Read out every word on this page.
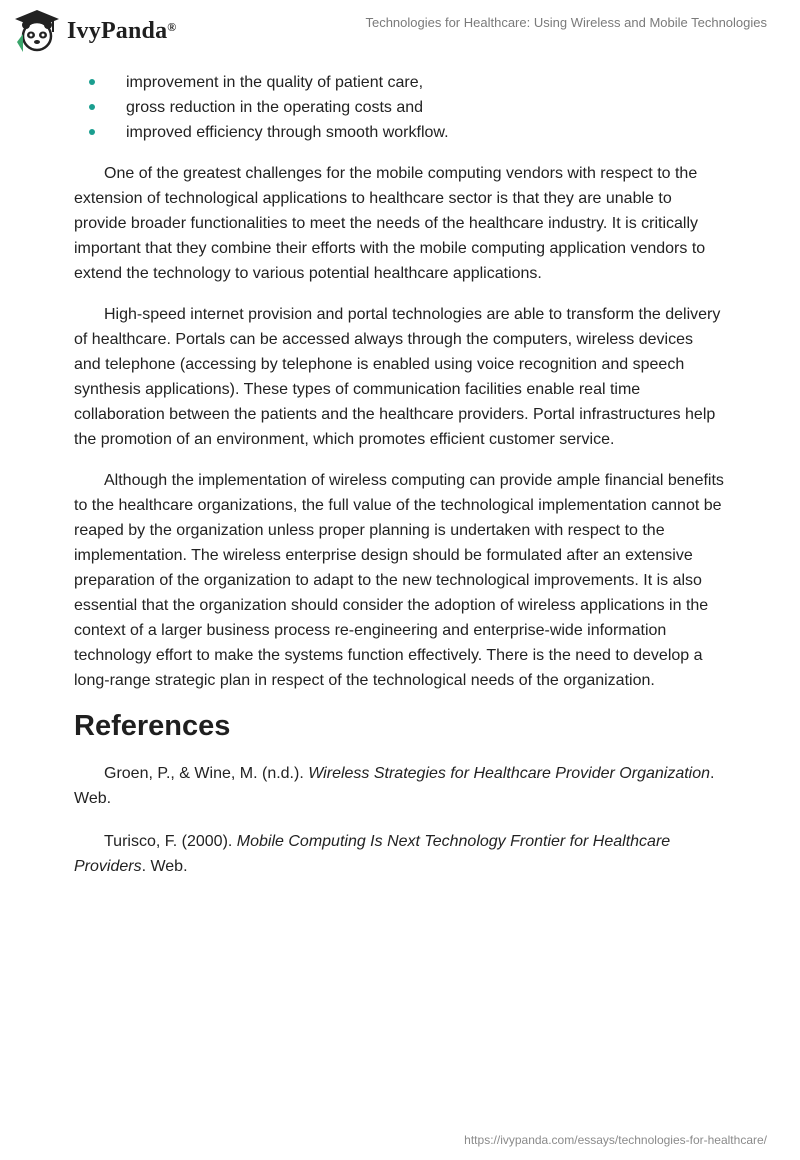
IvyPanda®	Technologies for Healthcare: Using Wireless and Mobile Technologies
improvement in the quality of patient care,
gross reduction in the operating costs and
improved efficiency through smooth workflow.

One of the greatest challenges for the mobile computing vendors with respect to the extension of technological applications to healthcare sector is that they are unable to provide broader functionalities to meet the needs of the healthcare industry. It is critically important that they combine their efforts with the mobile computing application vendors to extend the technology to various potential healthcare applications.

High-speed internet provision and portal technologies are able to transform the delivery of healthcare. Portals can be accessed always through the computers, wireless devices and telephone (accessing by telephone is enabled using voice recognition and speech synthesis applications). These types of communication facilities enable real time collaboration between the patients and the healthcare providers. Portal infrastructures help the promotion of an environment, which promotes efficient customer service.

Although the implementation of wireless computing can provide ample financial benefits to the healthcare organizations, the full value of the technological implementation cannot be reaped by the organization unless proper planning is undertaken with respect to the implementation. The wireless enterprise design should be formulated after an extensive preparation of the organization to adapt to the new technological improvements. It is also essential that the organization should consider the adoption of wireless applications in the context of a larger business process re-engineering and enterprise-wide information technology effort to make the systems function effectively. There is the need to develop a long-range strategic plan in respect of the technological needs of the organization.

References

Groen, P., & Wine, M. (n.d.). Wireless Strategies for Healthcare Provider Organization. Web.

Turisco, F. (2000). Mobile Computing Is Next Technology Frontier for Healthcare Providers. Web.

https://ivypanda.com/essays/technologies-for-healthcare/
